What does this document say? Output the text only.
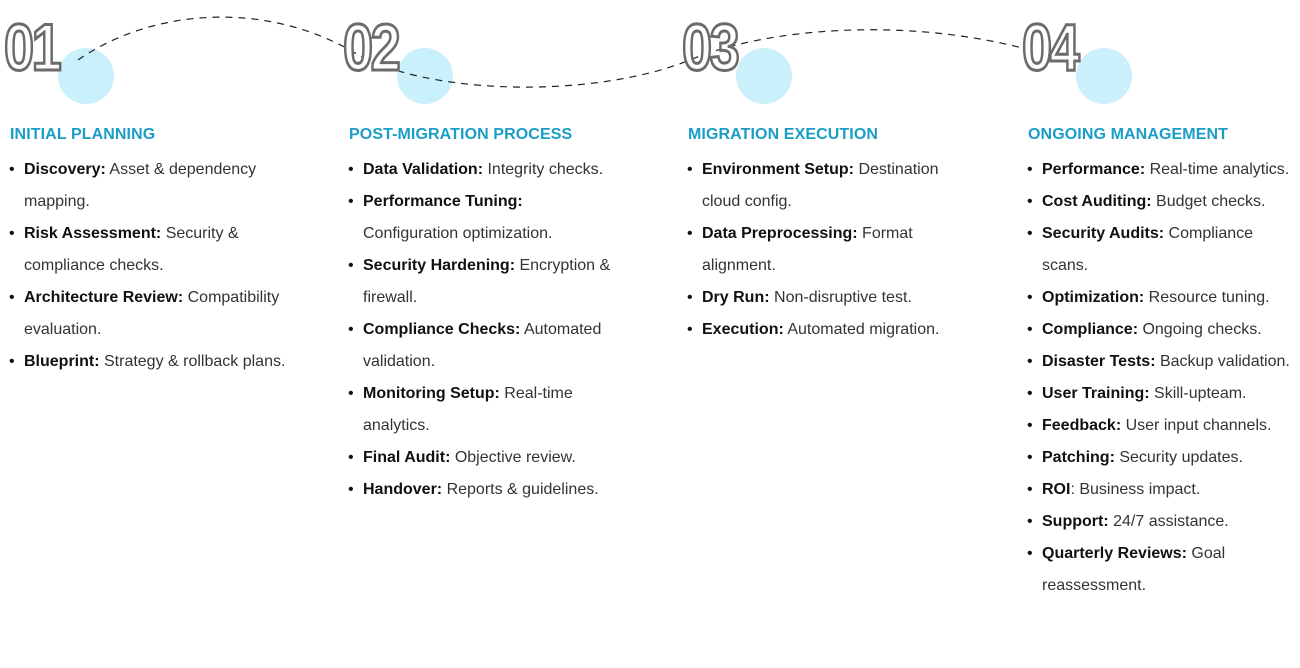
01
INITIAL PLANNING
• Discovery: Asset & dependency mapping.
• Risk Assessment: Security & compliance checks.
• Architecture Review: Compatibility evaluation.
• Blueprint: Strategy & rollback plans.
02
POST-MIGRATION PROCESS
• Data Validation: Integrity checks.
• Performance Tuning: Configuration optimization.
• Security Hardening: Encryption & firewall.
• Compliance Checks: Automated validation.
• Monitoring Setup: Real-time analytics.
• Final Audit: Objective review.
• Handover: Reports & guidelines.
03
MIGRATION EXECUTION
• Environment Setup: Destination cloud config.
• Data Preprocessing: Format alignment.
• Dry Run: Non-disruptive test.
• Execution: Automated migration.
04
ONGOING MANAGEMENT
• Performance: Real-time analytics.
• Cost Auditing: Budget checks.
• Security Audits: Compliance scans.
• Optimization: Resource tuning.
• Compliance: Ongoing checks.
• Disaster Tests: Backup validation.
• User Training: Skill-upteam.
• Feedback: User input channels.
• Patching: Security updates.
• ROI: Business impact.
• Support: 24/7 assistance.
• Quarterly Reviews: Goal reassessment.
